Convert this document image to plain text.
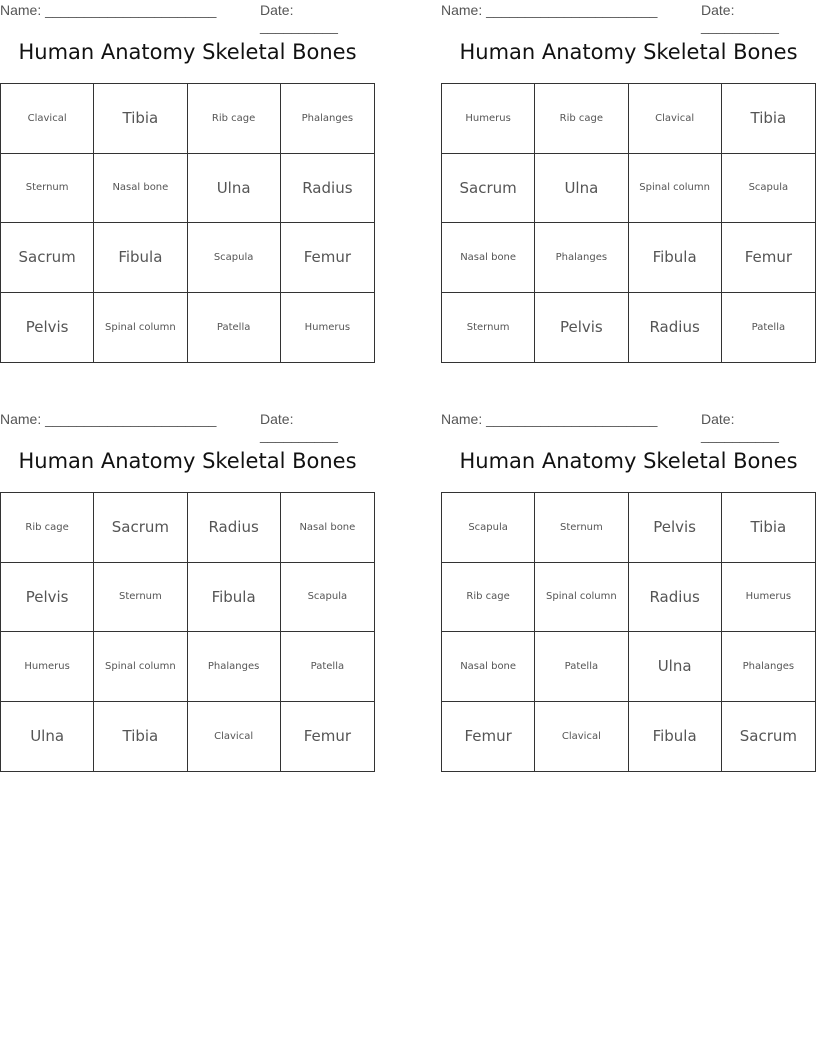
Name: ______________________	Date: __________
Human Anatomy Skeletal Bones
Clavical	Tibia	Rib cage	Phalanges
Sternum	Nasal bone	Ulna	Radius
Sacrum	Fibula	Scapula	Femur
Pelvis	Spinal column	Patella	Humerus
Name: ______________________	Date: __________
Human Anatomy Skeletal Bones
Humerus	Rib cage	Clavical	Tibia
Sacrum	Ulna	Spinal column	Scapula
Nasal bone	Phalanges	Fibula	Femur
Sternum	Pelvis	Radius	Patella
Name: ______________________	Date: __________
Human Anatomy Skeletal Bones
Rib cage	Sacrum	Radius	Nasal bone
Pelvis	Sternum	Fibula	Scapula
Humerus	Spinal column	Phalanges	Patella
Ulna	Tibia	Clavical	Femur
Name: ______________________	Date: __________
Human Anatomy Skeletal Bones
Scapula	Sternum	Pelvis	Tibia
Rib cage	Spinal column	Radius	Humerus
Nasal bone	Patella	Ulna	Phalanges
Femur	Clavical	Fibula	Sacrum
